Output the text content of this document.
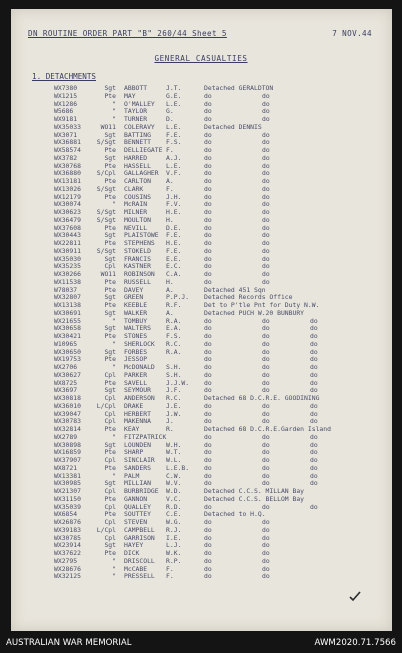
DN ROUTINE ORDER PART "B" 260/44 Sheet 5	7 NOV.44
GENERAL CASUALTIES
1. DETACHMENTS
WX7380	Sgt ABBOTT	J.T.	Detached GERALDTON
WX1215	Pte MAY	G.E.	do	do
WX1286	" O'MALLEY L.E.	do	do
W5686	" TAYLOR	G.	do	do
WX9181	" TURNER	D.	do	do
WX35033	WO11 COLERAVY L.E.	Detached DENNIS
WX3071	Sgt BATTING F.E.	do	do
WX36881	S/Sgt BENNETT F.S.	do	do
WX58574	Pte DELLIEGATE F.	do	do
WX3782	Sgt HARRED	A.J.	do	do
WX30768	Pte HASSELL L.E.	do	do
WX36880	S/Cpl GALLAGHER V.F.	do	do
WX13181	Pte CARLTON A.	do	do
WX13026	S/Sgt CLARK	F.	do	do
WX12179	Pte COUSINS J.H.	do	do
WX30074	" McRAIN	F.V.	do	do
WX30623	S/Sgt MILNER	H.E.	do	do
WX36479	S/Sgt MOULTON H.	do	do
WX37608	Pte NEVILL	D.E.	do	do
WX30443	Sgt PLAISTOWE F.E.	do	do
WX22811	Pte STEPHENS H.E.	do	do
WX30911	S/Sgt STOKELD F.E.	do	do
WX35030	Sgt FRANCIS E.E.	do	do
WX35235	Cpl KASTNER E.C.	do	do
WX30266	WO11 ROBINSON C.A.	do	do
WX11538	Pte RUSSELL H.	do	do
W78037	Pte DAVEY	A.	Detached 451 Sqn
WX32807	Sgt GREEN	P.P.J. Detached Records Office
WX13138	Pte KEEBLE	R.F.	Det to P'tle Pnt for Duty N.W.
WX30691	Sgt WALKER	A.	Detached PUCH W.20 BUNBURY
WX21655	" TOMBUY	R.A.	do	do	do
WX30658	Sgt WALTERS E.A.	do	do	do
WX30421	Pte STONES	F.S.	do	do	do
W10965	" SHERLOCK R.C.	do	do	do
WX30650	Sgt FORBES	R.A.	do	do	do
WX19753	Pte JESSOP	do	do	do
WX2706	" McDONALD S.H.	do	do	do
WX30627	Cpl PARKER	S.H.	do	do	do
WX8725	Pte SAVELL	J.J.W. do	do	do
WX3697	Sgt SEYMOUR J.F.	do	do	do
WX30818	Cpl ANDERSON R.C.	Detached 68 D.C.R.E. GOODINING
WX36010	L/Cpl DRAKE	J.E.	do	do	do
WX39047	Cpl HERBERT J.W.	do	do	do
WX30783	Cpl MAKENNA J.	do	do	do
WX32814	Pte KEAY	R.	Detached 68 D.C.R.E.Garden Island
WX2789	" FITZPATRICK	do	do	do
WX30898	Sgt LOUNDEN W.H.	do	do	do
WX16859	Pte SHARP	W.T.	do	do	do
WX37907	Cpl SINCLAIR W.L.	do	do	do
WX8721	Pte SANDERS L.E.B. do	do	do
WX13381	" PALM	C.W.	do	do	do
WX30985	Sgt MILLIAN W.V.	do	do	do
WX21307	Cpl BURBRIDGE W.D.	Detached C.C.S. MILLAN Bay
WX31150	Pte GANNON	V.C.	Detached C.C.S. BELLOM Bay
WX35039	Cpl QUALLEY R.D.	do	do	do
WX6854	Pte SOUTTEY C.E.	Detached to H.Q.
WX26876	Cpl STEVEN	W.G.	do	do
WX39183	L/Cpl CAMPBELL R.J.	do	do
WX30785	Cpl GARRISON I.E.	do	do
WX23914	Sgt HAYEY	L.J.	do	do
WX37622	Pte DICK	W.K.	do	do
WX2795	" DRISCOLL R.P.	do	do
WX28676	" McCABE	F.	do	do
WX32125	" PRESSELL F.	do	do
AUSTRALIAN WAR MEMORIAL	AWM2020.71.7566
